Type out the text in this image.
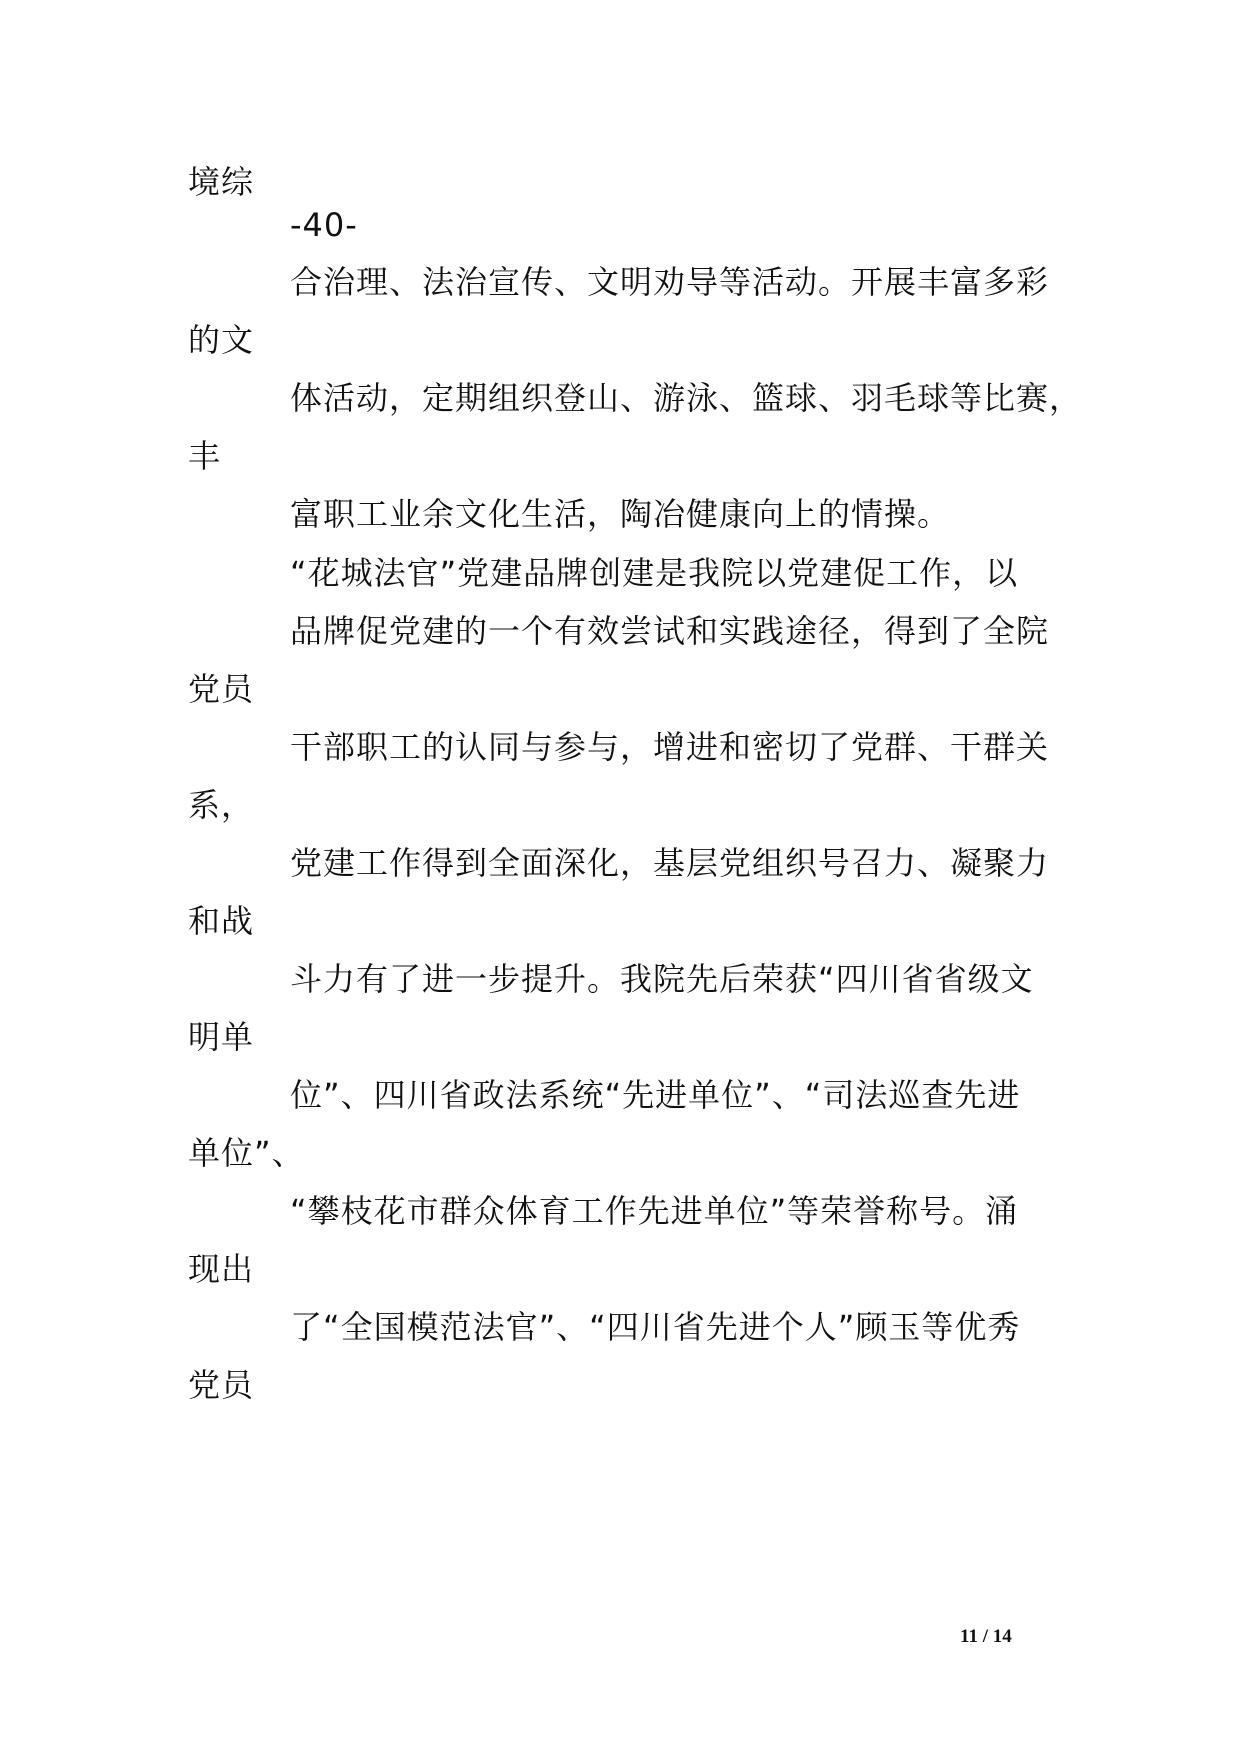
境综
-40-
合治理、法治宣传、文明劝导等活动。开展丰富多彩
的文
体活动，定期组织登山、游泳、篮球、羽毛球等比赛，
丰
富职工业余文化生活，陶冶健康向上的情操。
“花城法官”党建品牌创建是我院以党建促工作，以
品牌促党建的一个有效尝试和实践途径，得到了全院
党员
干部职工的认同与参与，增进和密切了党群、干群关
系，
党建工作得到全面深化，基层党组织号召力、凝聚力
和战
斗力有了进一步提升。我院先后荣获“四川省省级文
明单
位”、四川省政法系统“先进单位”、“司法巡查先进
单位”、
“攀枝花市群众体育工作先进单位”等荣誉称号。涌
现出
了“全国模范法官”、“四川省先进个人”顾玉等优秀
党员
11 / 14
